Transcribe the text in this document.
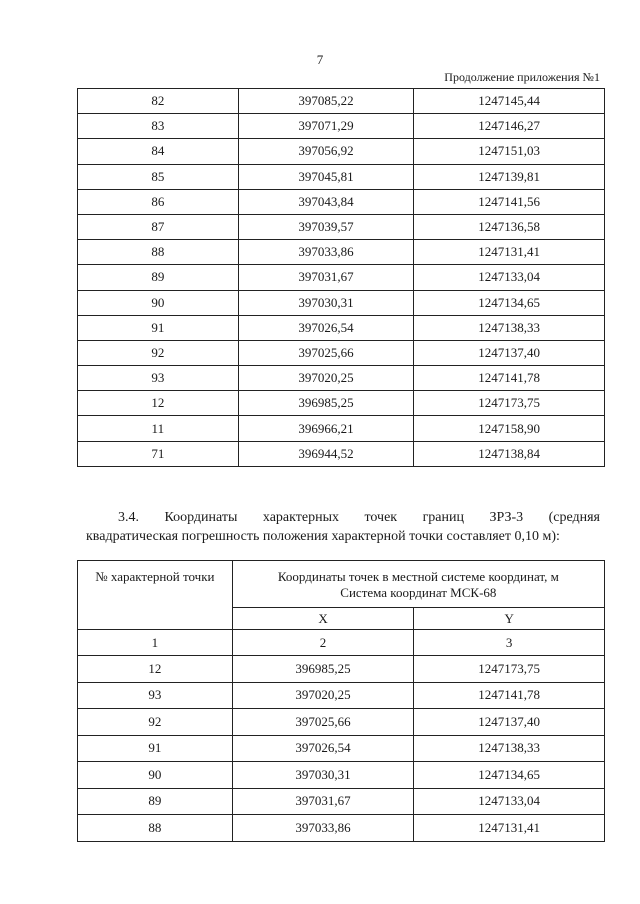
7
Продолжение приложения №1
82	397085,22	1247145,44
83	397071,29	1247146,27
84	397056,92	1247151,03
85	397045,81	1247139,81
86	397043,84	1247141,56
87	397039,57	1247136,58
88	397033,86	1247131,41
89	397031,67	1247133,04
90	397030,31	1247134,65
91	397026,54	1247138,33
92	397025,66	1247137,40
93	397020,25	1247141,78
12	396985,25	1247173,75
11	396966,21	1247158,90
71	396944,52	1247138,84
3.4. Координаты характерных точек границ ЗРЗ-3 (средняя
квадратическая погрешность положения характерной точки составляет 0,10 м):
№ характерной точки	Координаты точек в местной системе координат, м
Система координат МСК-68	

	X	Y
1	2	3
12	396985,25	1247173,75
93	397020,25	1247141,78
92	397025,66	1247137,40
91	397026,54	1247138,33
90	397030,31	1247134,65
89	397031,67	1247133,04
88	397033,86	1247131,41
